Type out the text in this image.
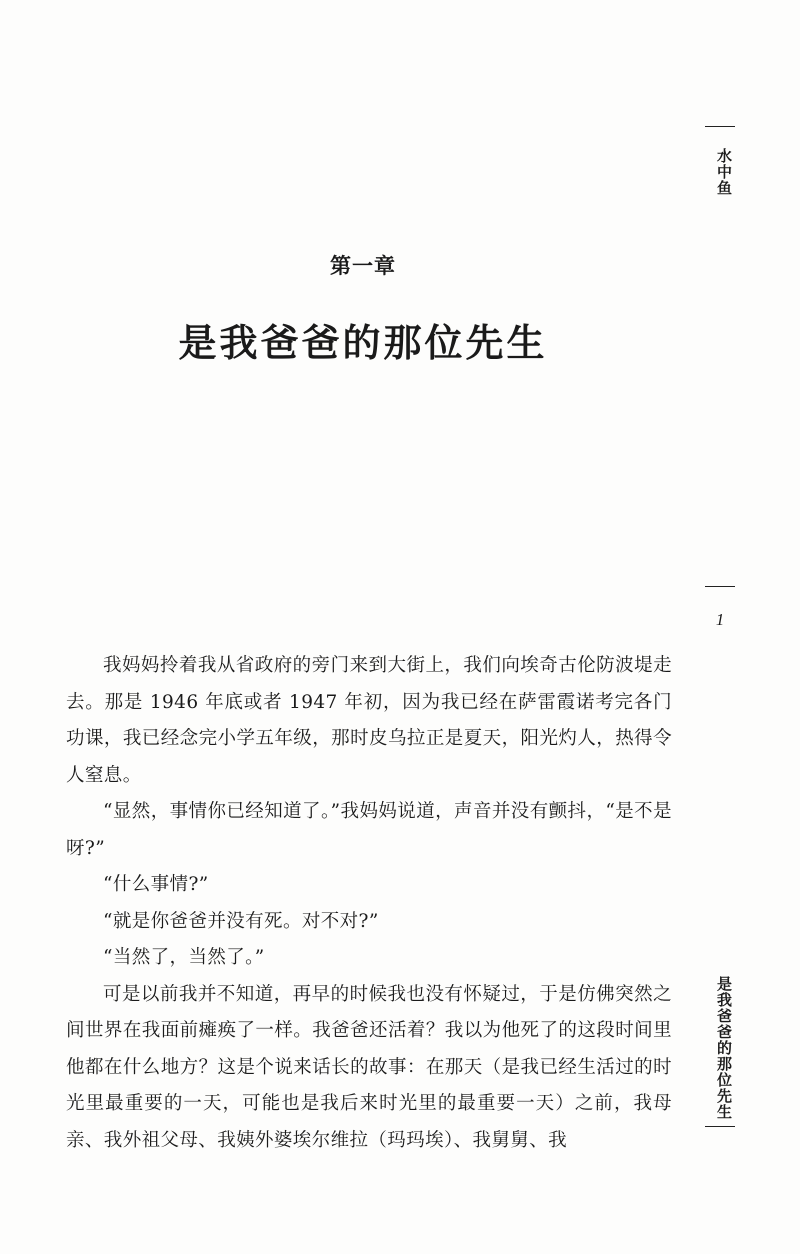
水中鱼
第一章
是我爸爸的那位先生
1

我妈妈拎着我从省政府的旁门来到大街上，我们向埃奇古伦防波堤走去。那是 1946 年底或者 1947 年初，因为我已经在萨雷霞诺考完各门功课，我已经念完小学五年级，那时皮乌拉正是夏天，阳光灼人，热得令人窒息。

“显然，事情你已经知道了。”我妈妈说道，声音并没有颤抖，“是不是呀?”

“什么事情?”

“就是你爸爸并没有死。对不对?”

“当然了，当然了。”

可是以前我并不知道，再早的时候我也没有怀疑过，于是仿佛突然之间世界在我面前瘫痪了一样。我爸爸还活着？我以为他死了的这段时间里他都在什么地方？这是个说来话长的故事：在那天（是我已经生活过的时光里最重要的一天，可能也是我后来时光里的最重要一天）之前，我母亲、我外祖父母、我姨外婆埃尔维拉（玛玛埃）、我舅舅、我

是我爸爸的那位先生
